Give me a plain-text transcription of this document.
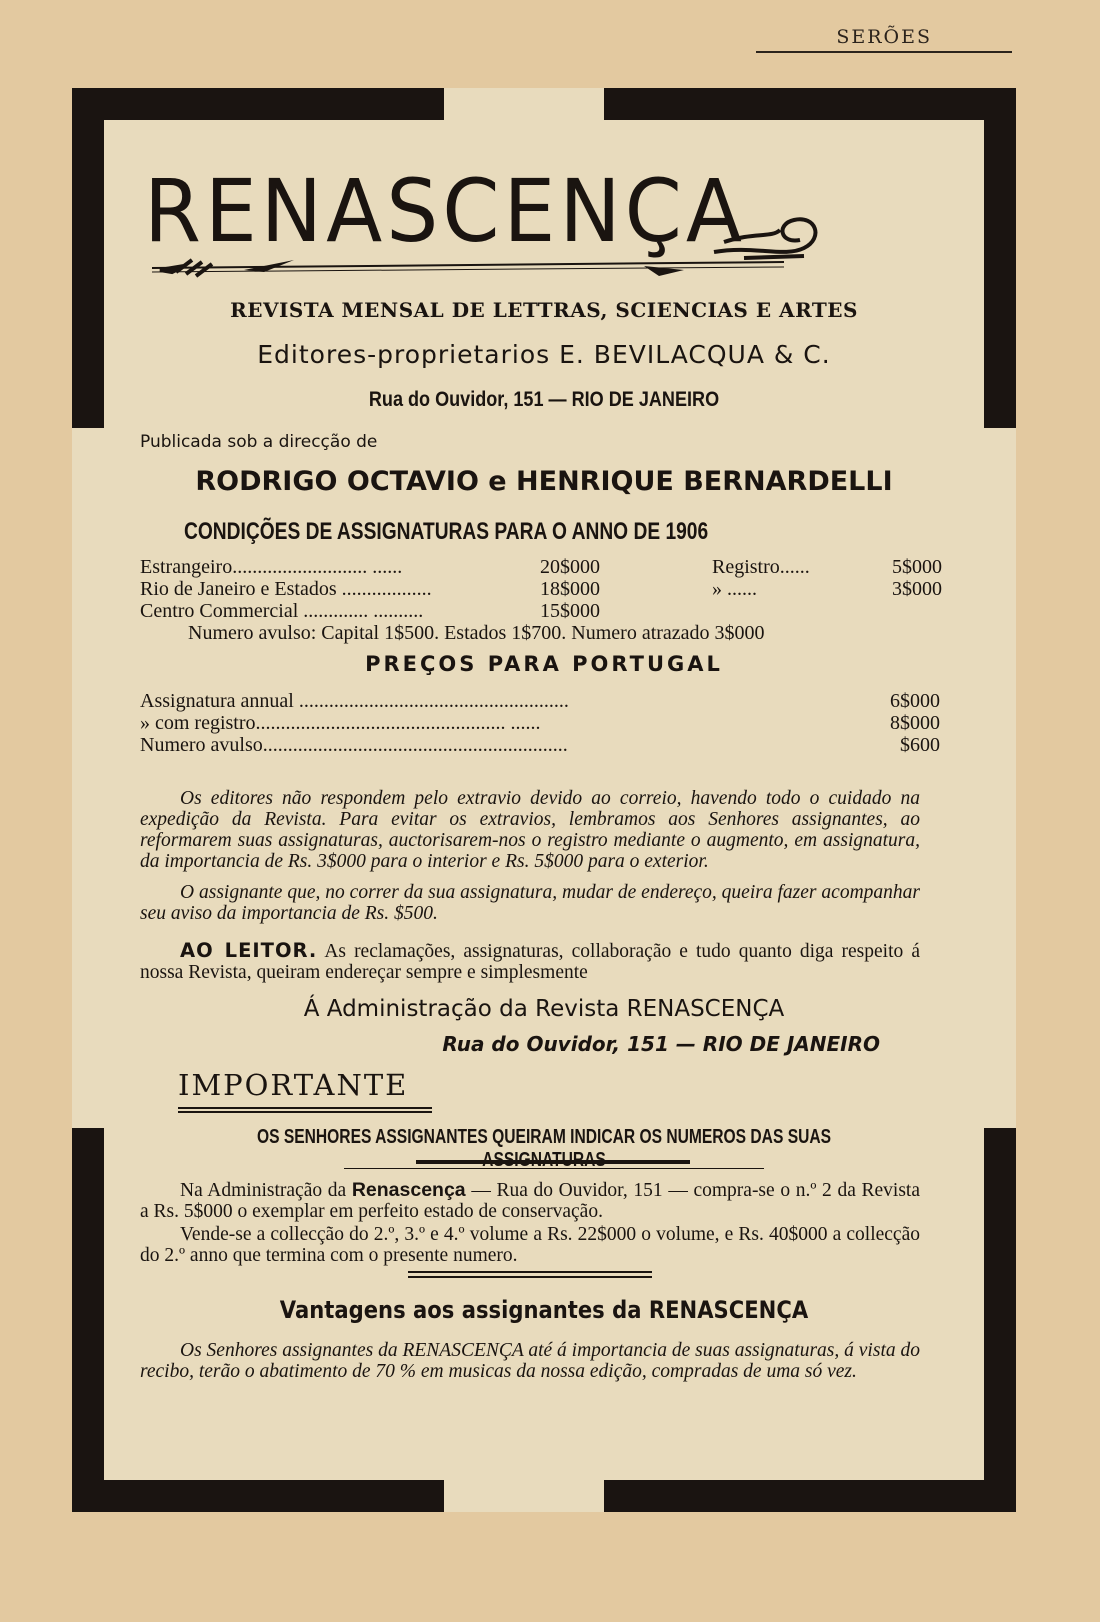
SERÕES
RENASCENÇA
REVISTA MENSAL DE LETTRAS, SCIENCIAS E ARTES
Editores-proprietarios E. BEVILACQUA & C.
Rua do Ouvidor, 151 — RIO DE JANEIRO
Publicada sob a direcção de
RODRIGO OCTAVIO e HENRIQUE BERNARDELLI
CONDIÇÕES DE ASSIGNATURAS PARA O ANNO DE 1906
Estrangeiro........................... ......	20$000	Registro......	5$000
Rio de Janeiro e Estados ..................	18$000	» ......	3$000
Centro Commercial ............. ..........	15$000
Numero avulso: Capital 1$500. Estados 1$700. Numero atrazado 3$000
PREÇOS PARA PORTUGAL
Assignatura annual ......................................................	6$000
» com registro.................................................. ......	8$000
Numero avulso.............................................................	$600
Os editores não respondem pelo extravio devido ao correio, havendo todo o cuidado na expedição da Revista. Para evitar os extravios, lembramos aos Senhores assignantes, ao reformarem suas assignaturas, auctorisarem-nos o registro mediante o augmento, em assignatura, da importancia de Rs. 3$000 para o interior e Rs. 5$000 para o exterior.
O assignante que, no correr da sua assignatura, mudar de endereço, queira fazer acompanhar seu aviso da importancia de Rs. $500.
AO LEITOR. As reclamações, assignaturas, collaboração e tudo quanto diga respeito á nossa Revista, queiram endereçar sempre e simplesmente
Á Administração da Revista RENASCENÇA
Rua do Ouvidor, 151 — RIO DE JANEIRO
IMPORTANTE
OS SENHORES ASSIGNANTES QUEIRAM INDICAR OS NUMEROS DAS SUAS
Na Administração da Renascença — Rua do Ouvidor, 151 — compra-se o n.º 2 da Revista a Rs. 5$000 o exemplar em perfeito estado de conservação.
Vende-se a collecção do 2.º, 3.º e 4.º volume a Rs. 22$000 o volume, e Rs. 40$000 a collecção do 2.º anno que termina com o presente numero.
Vantagens aos assignantes da RENASCENÇA
Os Senhores assignantes da RENASCENÇA até á importancia de suas assignaturas, á vista do recibo, terão o abatimento de 70 % em musicas da nossa edição, compradas de uma só vez.
